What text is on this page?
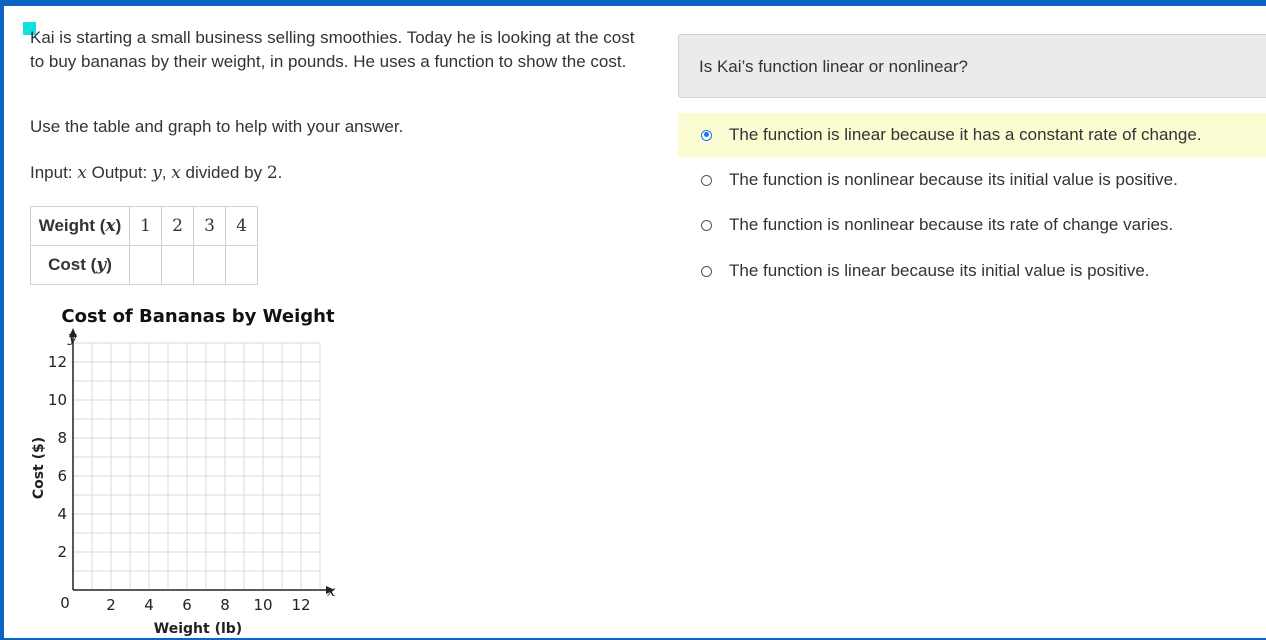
Kai is starting a small business selling smoothies. Today he is looking at the cost to buy bananas by their weight, in pounds. He uses a function to show the cost.

Use the table and graph to help with your answer.
Input: x Output: y, x divided by 2.
Weight (x)	1	2	3	4
Cost (y)				
Cost of Bananas by Weight
2 4 6 8 10 12
2
4
6
8
10
12
x
y
0
Weight (lb)
Cost ($)
Is Kai’s function linear or nonlinear?
The function is linear because it has a constant rate of change.
The function is nonlinear because its initial value is positive.
The function is nonlinear because its rate of change varies.
The function is linear because its initial value is positive.
